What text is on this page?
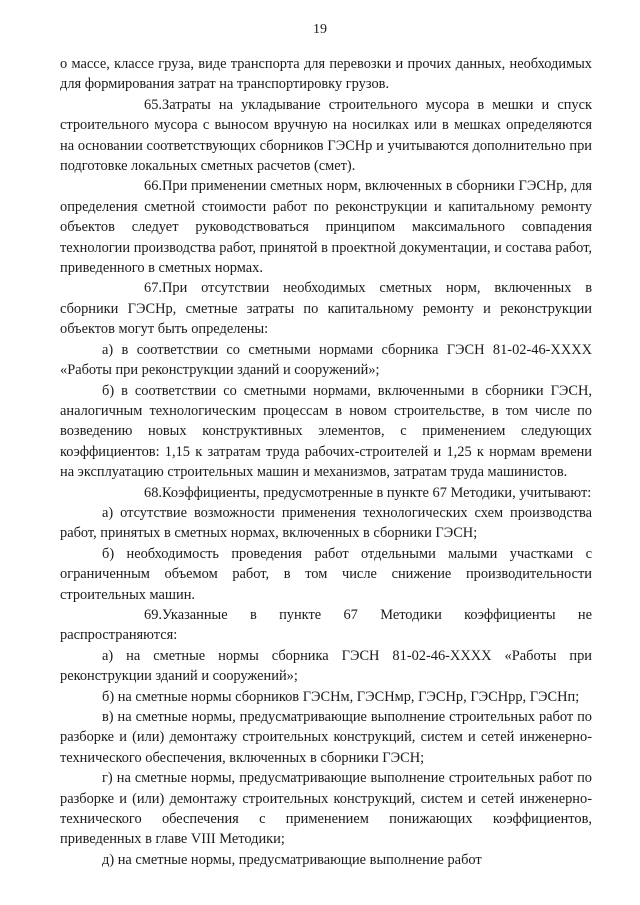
19

о массе, классе груза, виде транспорта для перевозки и прочих данных, необходимых для формирования затрат на транспортировку грузов.

65.Затраты на укладывание строительного мусора в мешки и спуск строительного мусора с выносом вручную на носилках или в мешках определяются на основании соответствующих сборников ГЭСНр и учитываются дополнительно при подготовке локальных сметных расчетов (смет).

66.При применении сметных норм, включенных в сборники ГЭСНр, для определения сметной стоимости работ по реконструкции и капитальному ремонту объектов следует руководствоваться принципом максимального совпадения технологии производства работ, принятой в проектной документации, и состава работ, приведенного в сметных нормах.

67.При отсутствии необходимых сметных норм, включенных в сборники ГЭСНр, сметные затраты по капитальному ремонту и реконструкции объектов могут быть определены:

а) в соответствии со сметными нормами сборника ГЭСН 81-02-46-ХХХХ «Работы при реконструкции зданий и сооружений»;

б) в соответствии со сметными нормами, включенными в сборники ГЭСН, аналогичным технологическим процессам в новом строительстве, в том числе по возведению новых конструктивных элементов, с применением следующих коэффициентов: 1,15 к затратам труда рабочих-строителей и 1,25 к нормам времени на эксплуатацию строительных машин и механизмов, затратам труда машинистов.

68.Коэффициенты, предусмотренные в пункте 67 Методики, учитывают:

а) отсутствие возможности применения технологических схем производства работ, принятых в сметных нормах, включенных в сборники ГЭСН;

б) необходимость проведения работ отдельными малыми участками с ограниченным объемом работ, в том числе снижение производительности строительных машин.

69.Указанные в пункте 67 Методики коэффициенты не распространяются:

а) на сметные нормы сборника ГЭСН 81-02-46-ХХХХ «Работы при реконструкции зданий и сооружений»;

б) на сметные нормы сборников ГЭСНм, ГЭСНмр, ГЭСНр, ГЭСНрр, ГЭСНп;

в) на сметные нормы, предусматривающие выполнение строительных работ по разборке и (или) демонтажу строительных конструкций, систем и сетей инженерно-технического обеспечения, включенных в сборники ГЭСН;

г) на сметные нормы, предусматривающие выполнение строительных работ по разборке и (или) демонтажу строительных конструкций, систем и сетей инженерно-технического обеспечения с применением понижающих коэффициентов, приведенных в главе VIII Методики;

д) на сметные нормы, предусматривающие выполнение работ
